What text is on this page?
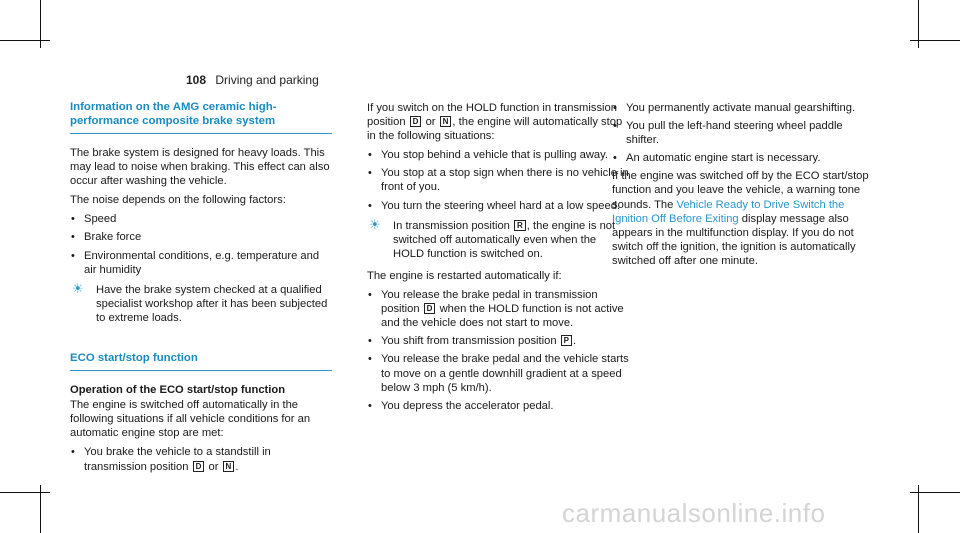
108 Driving and parking
Information on the AMG ceramic high-performance composite brake system

The brake system is designed for heavy loads. This may lead to noise when braking. This effect can also occur after washing the vehicle.

The noise depends on the following factors:

• Speed
• Brake force
• Environmental conditions, e.g. temperature and air humidity
☀ Have the brake system checked at a qualified specialist workshop after it has been subjected to extreme loads.
ECO start/stop function
Operation of the ECO start/stop function

The engine is switched off automatically in the following situations if all vehicle conditions for an automatic engine stop are met:

• You brake the vehicle to a standstill in transmission position D or N .

If you switch on the HOLD function in transmission position D or N , the engine will automatically stop in the following situations:

• You stop behind a vehicle that is pulling away.
• You stop at a stop sign when there is no vehicle in front of you.
• You turn the steering wheel hard at a low speed.
☀ In transmission position R , the engine is not switched off automatically even when the HOLD function is switched on.

The engine is restarted automatically if:

• You release the brake pedal in transmission position D when the HOLD function is not active and the vehicle does not start to move.
• You shift from transmission position P .
• You release the brake pedal and the vehicle starts to move on a gentle downhill gradient at a speed below 3 mph (5 km/h).
• You depress the accelerator pedal.
• You permanently activate manual gearshifting.
• You pull the left-hand steering wheel paddle shifter.
• An automatic engine start is necessary.

If the engine was switched off by the ECO start/stop function and you leave the vehicle, a warning tone sounds. The Vehicle Ready to Drive Switch the Ignition Off Before Exiting display message also appears in the multifunction display. If you do not switch off the ignition, the ignition is automatically switched off after one minute.

carmanualsonline.info
